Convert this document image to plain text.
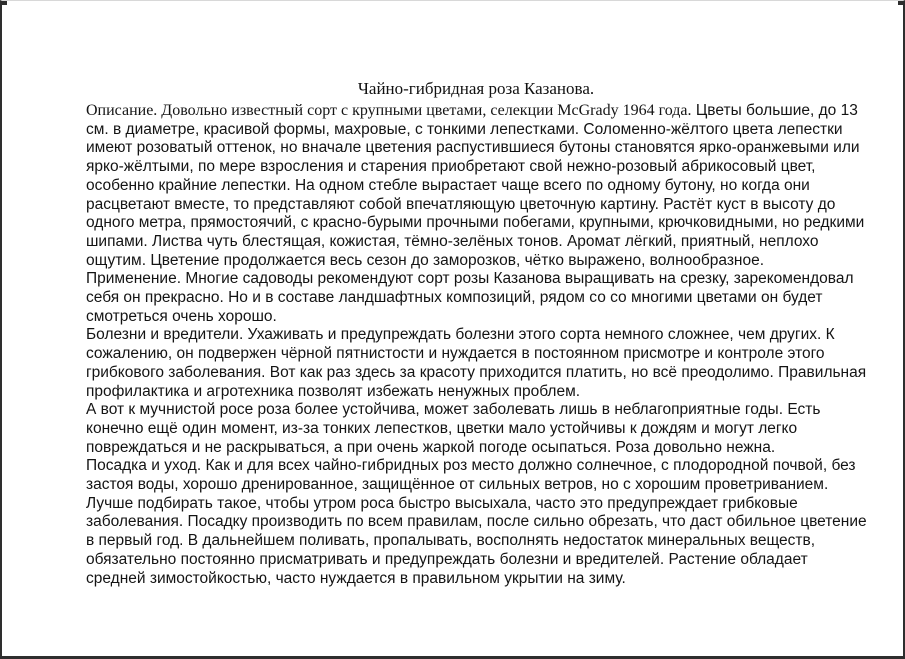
Чайно-гибридная роза Казанова.

Описание. Довольно известный сорт с крупными цветами, селекции McGrady 1964 года. Цветы большие, до 13 см. в диаметре, красивой формы, махровые, с тонкими лепестками. Соломенно-жёлтого цвета лепестки имеют розоватый оттенок, но вначале цветения распустившиеся бутоны становятся ярко-оранжевыми или ярко-жёлтыми, по мере взросления и старения приобретают свой нежно-розовый абрикосовый цвет, особенно крайние лепестки. На одном стебле вырастает чаще всего по одному бутону, но когда они расцветают вместе, то представляют собой впечатляющую цветочную картину. Растёт куст в высоту до одного метра, прямостоячий, с красно-бурыми прочными побегами, крупными, крючковидными, но редкими шипами. Листва чуть блестящая, кожистая, тёмно-зелёных тонов. Аромат лёгкий, приятный, неплохо ощутим. Цветение продолжается весь сезон до заморозков, чётко выражено, волнообразное.

Применение. Многие садоводы рекомендуют сорт розы Казанова выращивать на срезку, зарекомендовал себя он прекрасно. Но и в составе ландшафтных композиций, рядом со со многими цветами он будет смотреться очень хорошо.

Болезни и вредители. Ухаживать и предупреждать болезни этого сорта немного сложнее, чем других. К сожалению, он подвержен чёрной пятнистости и нуждается в постоянном присмотре и контроле этого грибкового заболевания. Вот как раз здесь за красоту приходится платить, но всё преодолимо. Правильная профилактика и агротехника позволят избежать ненужных проблем.

А вот к мучнистой росе роза более устойчива, может заболевать лишь в неблагоприятные годы. Есть конечно ещё один момент, из-за тонких лепестков, цветки мало устойчивы к дождям и могут легко повреждаться и не раскрываться, а при очень жаркой погоде осыпаться. Роза довольно нежна.

Посадка и уход. Как и для всех чайно-гибридных роз место должно солнечное, с плодородной почвой, без застоя воды, хорошо дренированное, защищённое от сильных ветров, но с хорошим проветриванием. Лучше подбирать такое, чтобы утром роса быстро высыхала, часто это предупреждает грибковые заболевания. Посадку производить по всем правилам, после сильно обрезать, что даст обильное цветение в первый год. В дальнейшем поливать, пропалывать, восполнять недостаток минеральных веществ, обязательно постоянно присматривать и предупреждать болезни и вредителей. Растение обладает средней зимостойкостью, часто нуждается в правильном укрытии на зиму.
